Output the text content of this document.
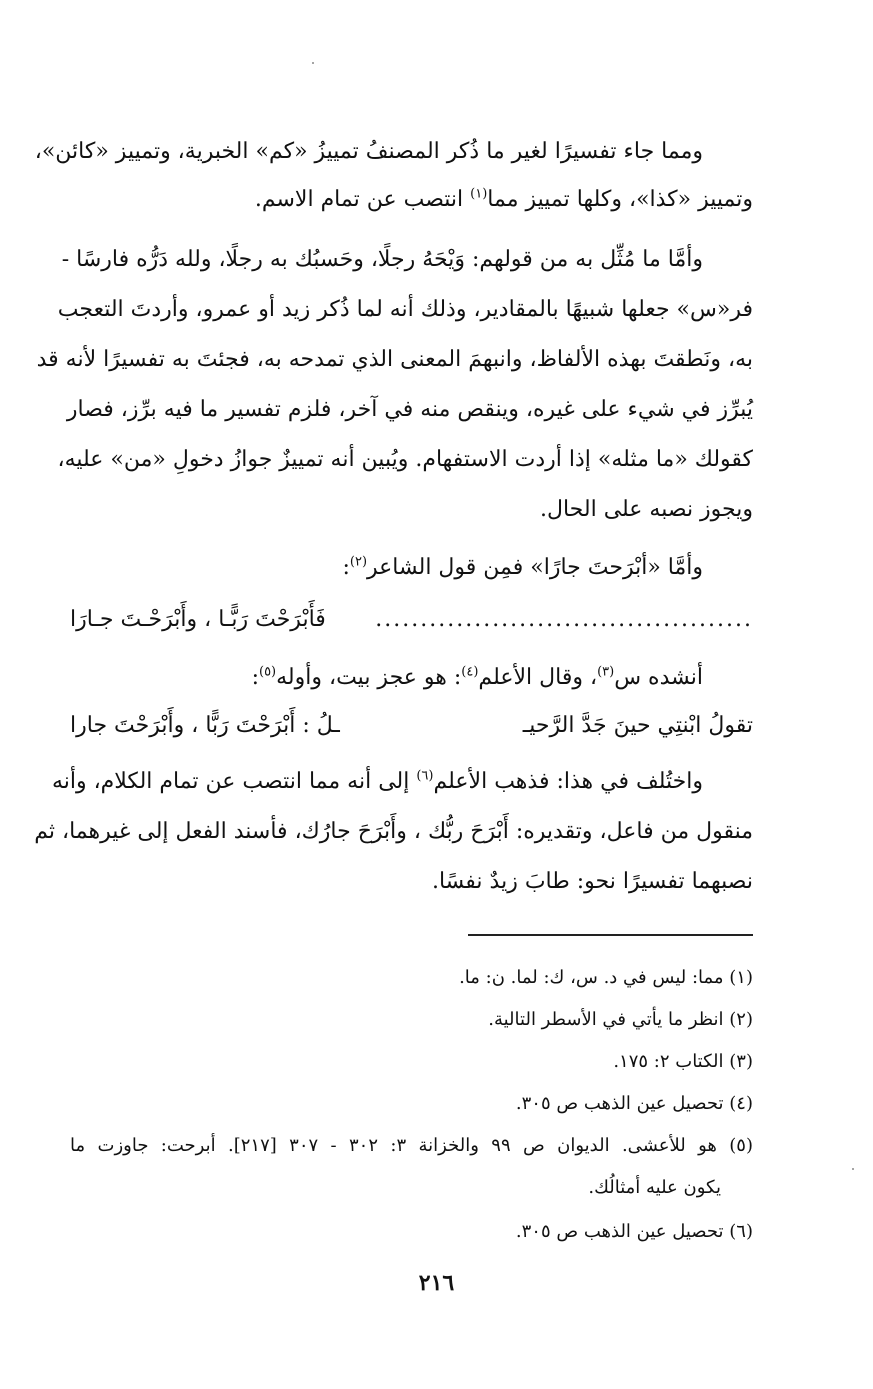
ومما جاء تفسيرًا لغير ما ذُكر المصنفُ تمييزُ «كم» الخبرية، وتمييز «كائن»،
وتمييز «كذا»، وكلها تمييز مما$^{(١)}$ انتصب عن تمام الاسم.
وأمَّا ما مُثِّل به من قولهم: وَيْحَهُ رجلًا، وحَسبُك به رجلًا، ولله دَرُّه فارسًا -
فر«س» جعلها شبيهًا بالمقادير، وذلك أنه لما ذُكر زيد أو عمرو، وأردتَ التعجب
به، ونَطقتَ بهذه الألفاظ، وانبهمَ المعنى الذي تمدحه به، فجئتَ به تفسيرًا لأنه قد
يُبرِّز في شيء على غيره، وينقص منه في آخر، فلزم تفسير ما فيه برِّز، فصار
كقولك «ما مثله» إذا أردت الاستفهام. ويُبين أنه تمييزٌ جوازُ دخولِ «من» عليه،
ويجوز نصبه على الحال.
وأمَّا «أبْرَحتَ جارًا» فمِن قول الشاعر$^{(٢)}$:
..........................................
فَأَبْرَحْتَ رَبًّـا ، وأَبْرَحْـتَ جـارَا
أنشده س$^{(٣)}$، وقال الأعلم$^{(٤)}$: هو عجز بيت، وأوله$^{(٥)}$:
تقولُ ابْنتِي حينَ جَدَّ الرَّحيـ
ـلُ : أَبْرَحْتَ رَبًّا ، وأَبْرَحْتَ جارا
واختُلف في هذا: فذهب الأعلم$^{(٦)}$ إلى أنه مما انتصب عن تمام الكلام، وأنه
منقول من فاعل، وتقديره: أَبْرَحَ ربُّك ، وأَبْرَحَ جارُك، فأسند الفعل إلى غيرهما، ثم
نصبهما تفسيرًا نحو: طابَ زيدٌ نفسًا.
(١) مما: ليس في د. س، ك: لما. ن: ما.
(٢) انظر ما يأتي في الأسطر التالية.
(٣) الكتاب ٢: ١٧٥.
(٤) تحصيل عين الذهب ص ٣٠٥.
(٥) هو للأعشى. الديوان ص ٩٩ والخزانة ٣: ٣٠٢ - ٣٠٧ [٢١٧]. أبرحت: جاوزت ما
يكون عليه أمثالُك.
(٦) تحصيل عين الذهب ص ٣٠٥.
٢١٦
